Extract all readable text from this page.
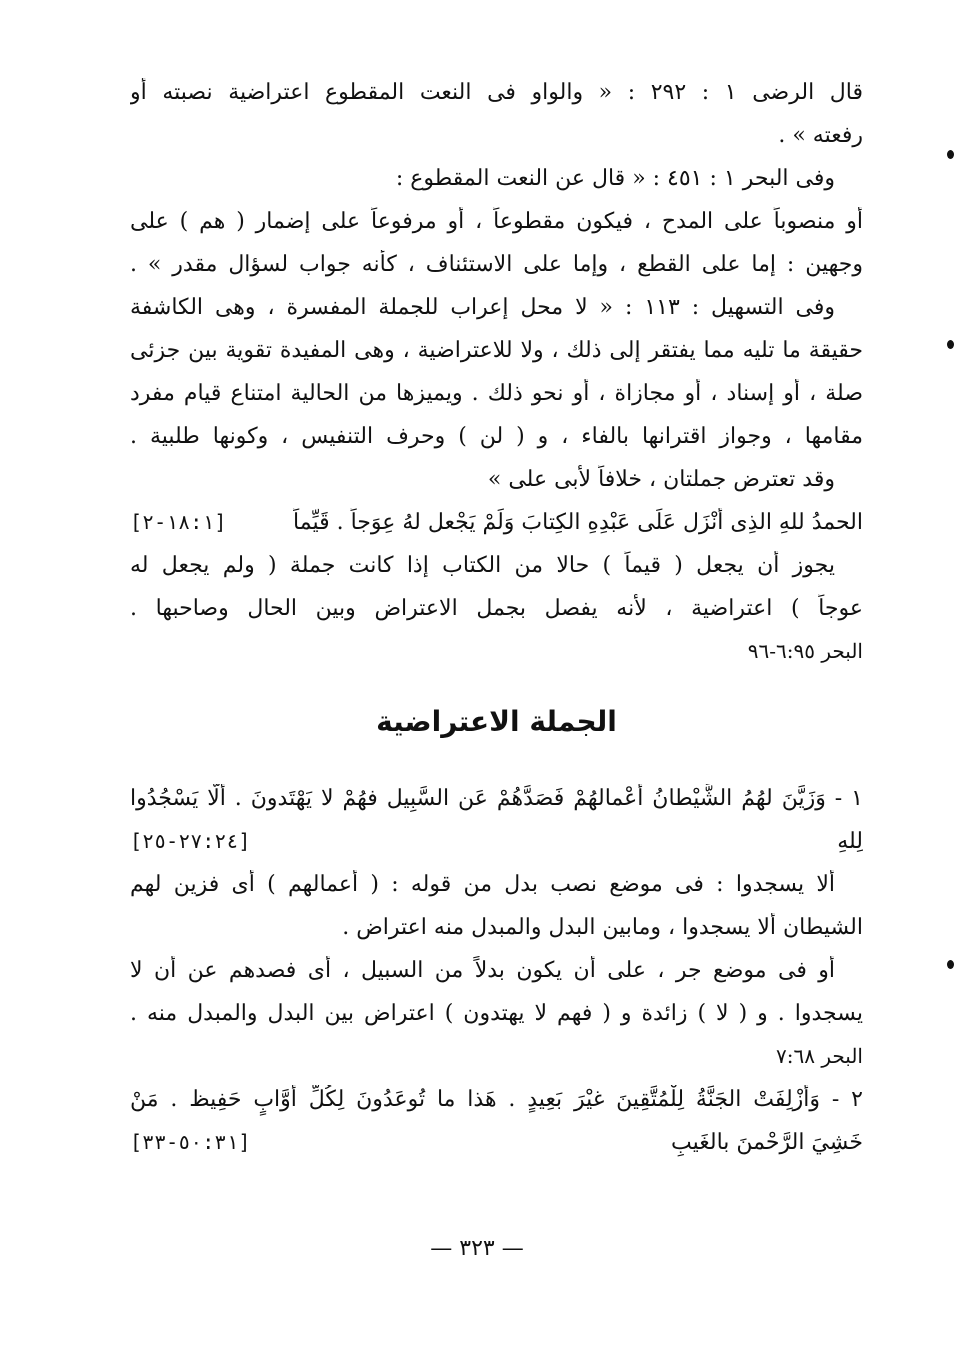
قال الرضى ١ : ٢٩٢ : « والواو فى النعت المقطوع اعتراضية نصبته أو
رفعته » .
وفى البحر ١ : ٤٥١ : « قال عن النعت المقطوع :
أو منصوباً على المدح ، فيكون مقطوعاً ، أو مرفوعاً على إضمار ( هم ) على
وجهين : إما على القطع ، وإما على الاستئناف ، كأنه جواب لسؤال مقدر » .
وفى التسهيل : ١١٣ : « لا محل إعراب للجملة المفسرة ، وهى الكاشفة
حقيقة ما تليه مما يفتقر إلى ذلك ، ولا للاعتراضية ، وهى المفيدة تقوية بين جزئى
صلة ، أو إسناد ، أو مجازاة ، أو نحو ذلك . ويميزها من الحالية امتناع قيام مفرد
مقامها ، وجواز اقترانها بالفاء ، و ( لن ) وحرف التنفيس ، وكونها طلبية .
وقد تعترض جملتان ، خلافاً لأبى على »
الحمدُ للهِ الذِى أَنْزَل عَلَى عَبْدِهِ الكِتابَ وَلَمْ يَجْعل لهُ عِوَجاً . قَيِّماً
[١٨:١-٢]
يجوز أن يجعل ( قيماً ) حالا من الكتاب إذا كانت جملة ( ولم يجعل له
عوجاً ) اعتراضية ، لأنه يفصل بجمل الاعتراض وبين الحال وصاحبها .
البحر ٦:٩٥-٩٦
الجملة الاعتراضية
١ - وَزَيَّنَ لهُمُ الشَّيْطانُ أَعْمالهُمْ فَصَدَّهُمْ عَن السَّبِيل فهُمْ لا يَهْتَدونَ . أَلَّا يَسْجُدُوا
لِلهِ
[٢٧:٢٤-٢٥]
ألا يسجدوا : فى موضع نصب بدل من قوله : ( أعمالهم ) أى فزين لهم
الشيطان ألا يسجدوا ، ومابين البدل والمبدل منه اعتراض .
أو فى موضع جر ، على أن يكون بدلاً من السبيل ، أى فصدهم عن أن لا
يسجدوا . و ( لا ) زائدة و ( فهم لا يهتدون ) اعتراض بين البدل والمبدل منه .
البحر ٧:٦٨
٢ - وَأُزْلِفَتْ الجَنَّةُ لِلْمُتَّقِينَ غيْرَ بَعِيدٍ . هَذا ما تُوعَدُونَ لِكُلِّ أَوَّابٍ حَفِيظ . مَنْ
خَشِيَ الرَّحْمنَ بالغَيبِ
[٥٠:٣١-٣٣]
— ٣٢٣ —
